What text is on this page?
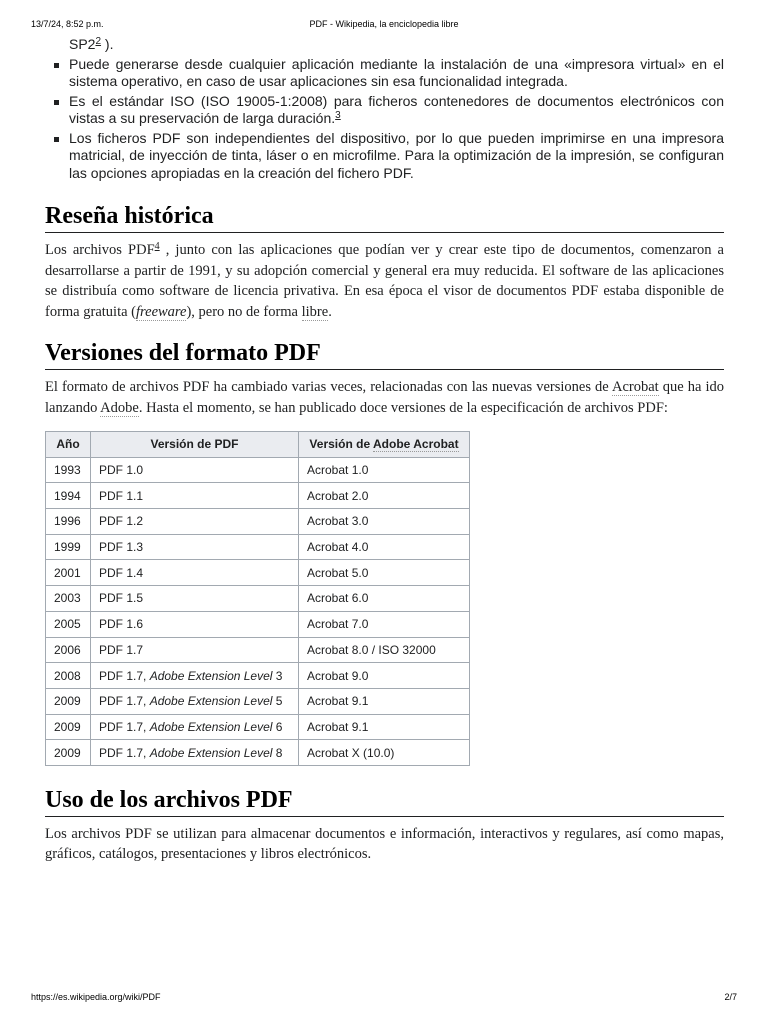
13/7/24, 8:52 p.m.	PDF - Wikipedia, la enciclopedia libre
SP2$^2$ ).
Puede generarse desde cualquier aplicación mediante la instalación de una «impresora virtual» en el sistema operativo, en caso de usar aplicaciones sin esa funcionalidad integrada.
Es el estándar ISO (ISO 19005-1:2008) para ficheros contenedores de documentos electrónicos con vistas a su preservación de larga duración.$^3$
Los ficheros PDF son independientes del dispositivo, por lo que pueden imprimirse en una impresora matricial, de inyección de tinta, láser o en microfilme. Para la optimización de la impresión, se configuran las opciones apropiadas en la creación del fichero PDF.
Reseña histórica

Los archivos PDF$^4$ , junto con las aplicaciones que podían ver y crear este tipo de documentos, comenzaron a desarrollarse a partir de 1991, y su adopción comercial y general era muy reducida. El software de las aplicaciones se distribuía como software de licencia privativa. En esa época el visor de documentos PDF estaba disponible de forma gratuita (freeware), pero no de forma libre.

Versiones del formato PDF

El formato de archivos PDF ha cambiado varias veces, relacionadas con las nuevas versiones de Acrobat que ha ido lanzando Adobe. Hasta el momento, se han publicado doce versiones de la especificación de archivos PDF:

Año	Versión de PDF	Versión de Adobe Acrobat
1993	PDF 1.0	Acrobat 1.0
1994	PDF 1.1	Acrobat 2.0
1996	PDF 1.2	Acrobat 3.0
1999	PDF 1.3	Acrobat 4.0
2001	PDF 1.4	Acrobat 5.0
2003	PDF 1.5	Acrobat 6.0
2005	PDF 1.6	Acrobat 7.0
2006	PDF 1.7	Acrobat 8.0 / ISO 32000
2008	PDF 1.7, Adobe Extension Level 3	Acrobat 9.0
2009	PDF 1.7, Adobe Extension Level 5	Acrobat 9.1
2009	PDF 1.7, Adobe Extension Level 6	Acrobat 9.1
2009	PDF 1.7, Adobe Extension Level 8	Acrobat X (10.0)
Uso de los archivos PDF

Los archivos PDF se utilizan para almacenar documentos e información, interactivos y regulares, así como mapas, gráficos, catálogos, presentaciones y libros electrónicos.

https://es.wikipedia.org/wiki/PDF	2/7
